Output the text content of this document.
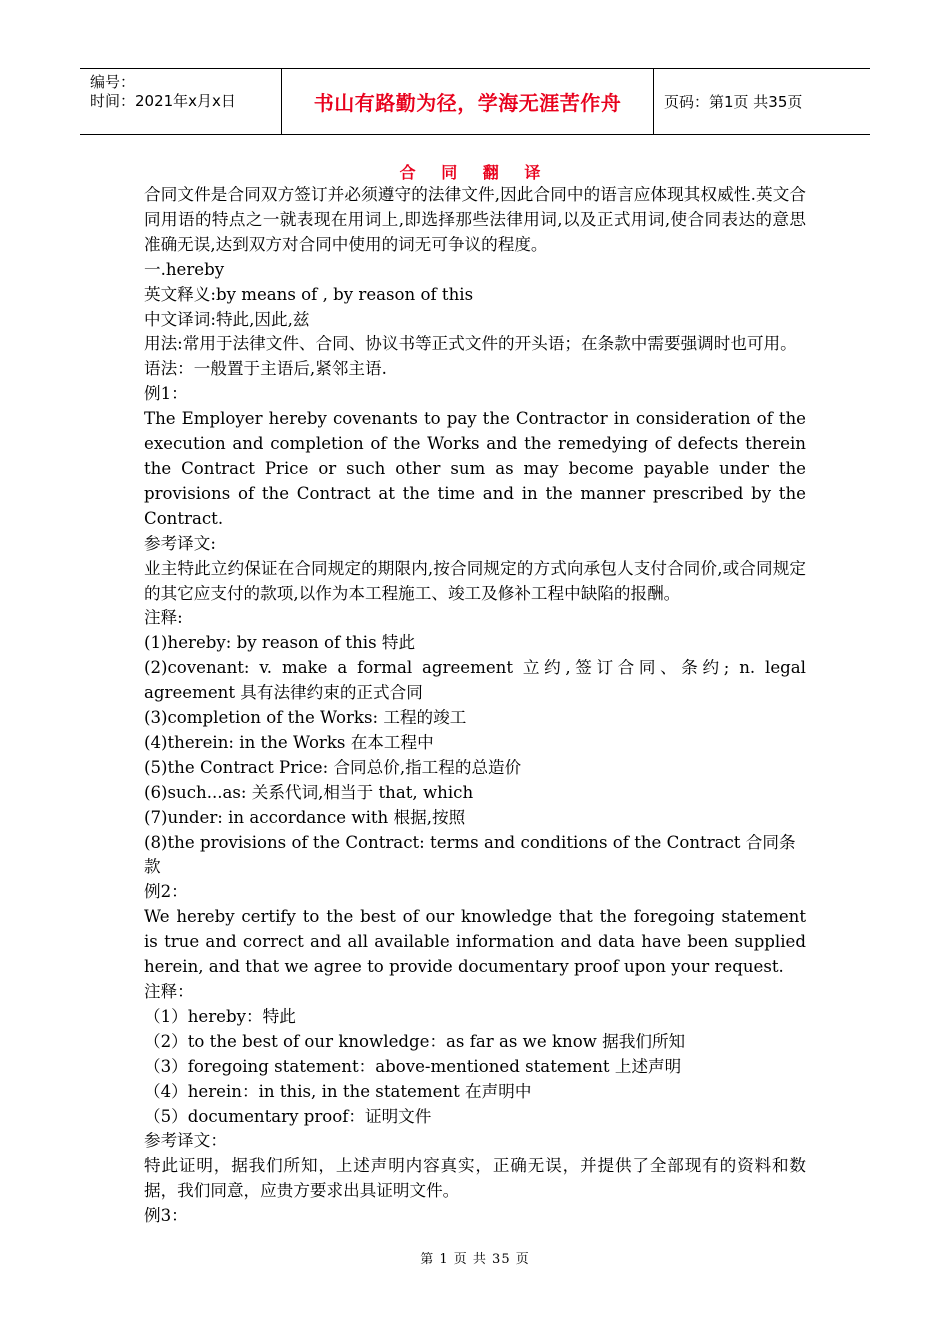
编号：
时间：2021年x月x日	书山有路勤为径，学海无涯苦作舟	页码：第1页 共35页
合 同 翻 译

合同文件是合同双方签订并必须遵守的法律文件,因此合同中的语言应体现其权威性.英文合同用语的特点之一就表现在用词上,即选择那些法律用词,以及正式用词,使合同表达的意思准确无误,达到双方对合同中使用的词无可争议的程度。

一.hereby

英文释义:by means of , by reason of this

中文译词:特此,因此,兹

用法:常用于法律文件、合同、协议书等正式文件的开头语；在条款中需要强调时也可用。

语法：一般置于主语后,紧邻主语.

例1：

The Employer hereby covenants to pay the Contractor in consideration of the execution and completion of the Works and the remedying of defects therein the Contract Price or such other sum as may become payable under the provisions of the Contract at the time and in the manner prescribed by the Contract.

参考译文:

业主特此立约保证在合同规定的期限内,按合同规定的方式向承包人支付合同价,或合同规定的其它应支付的款项,以作为本工程施工、竣工及修补工程中缺陷的报酬。

注释:

(1)hereby: by reason of this 特此

(2)covenant: v. make a formal agreement 立约,签订合同、条约; n. legal agreement 具有法律约束的正式合同

(3)completion of the Works: 工程的竣工

(4)therein: in the Works 在本工程中

(5)the Contract Price: 合同总价,指工程的总造价

(6)such...as: 关系代词,相当于 that, which

(7)under: in accordance with 根据,按照

(8)the provisions of the Contract: terms and conditions of the Contract 合同条款

例2：

We hereby certify to the best of our knowledge that the foregoing statement is true and correct and all available information and data have been supplied herein, and that we agree to provide documentary proof upon your request.

注释：

（1）hereby：特此

（2）to the best of our knowledge：as far as we know 据我们所知

（3）foregoing statement：above-mentioned statement 上述声明

（4）herein：in this, in the statement 在声明中

（5）documentary proof：证明文件

参考译文：

特此证明，据我们所知，上述声明内容真实，正确无误，并提供了全部现有的资料和数据，我们同意，应贵方要求出具证明文件。

例3：

第 1 页 共 35 页
